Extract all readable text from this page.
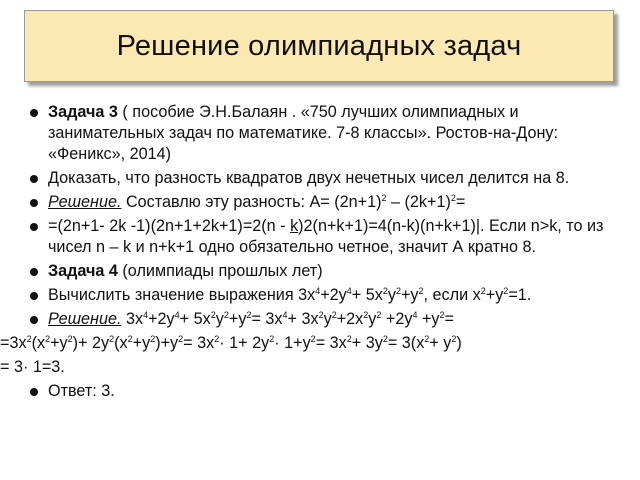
Решение олимпиадных задач
Задача 3 ( пособие Э.Н.Балаян . «750 лучших олимпиадных и занимательных задач по математике. 7-8 классы». Ростов-на-Дону: «Феникс», 2014)
Доказать, что разность квадратов двух нечетных чисел делится на 8.
Решение. Составлю эту разность: $А= (2n+1)^2 - (2k+1)^2=$
=(2n+1- 2k -1)(2n+1+2k+1)=2(n - k)2(n+k+1)=4(n-k)(n+k+1)|. Если n>k, то из чисел n – k и n+k+1 одно обязательно четное, значит А кратно 8.
Задача 4 (олимпиады прошлых лет)
Вычислить значение выражения $3x^4+2y^4+ 5x^2y^2+y^2$, если $x^2+y^2=1$.
Решение. $3x^4+2y^4+ 5x^2y^2+y^2= 3x^4+ 3x^2y^2+2x^2y^2 +2y^4 +y^2=$
$=3x^2(x^2+y^2)+ 2y^2(x^2+y^2)+y^2= 3x^2\cdot 1+ 2y^2\cdot 1+y^2= 3x^2+ 3y^2= 3(x^2+ y^2)$
= 3· 1=3.
Ответ: 3.
